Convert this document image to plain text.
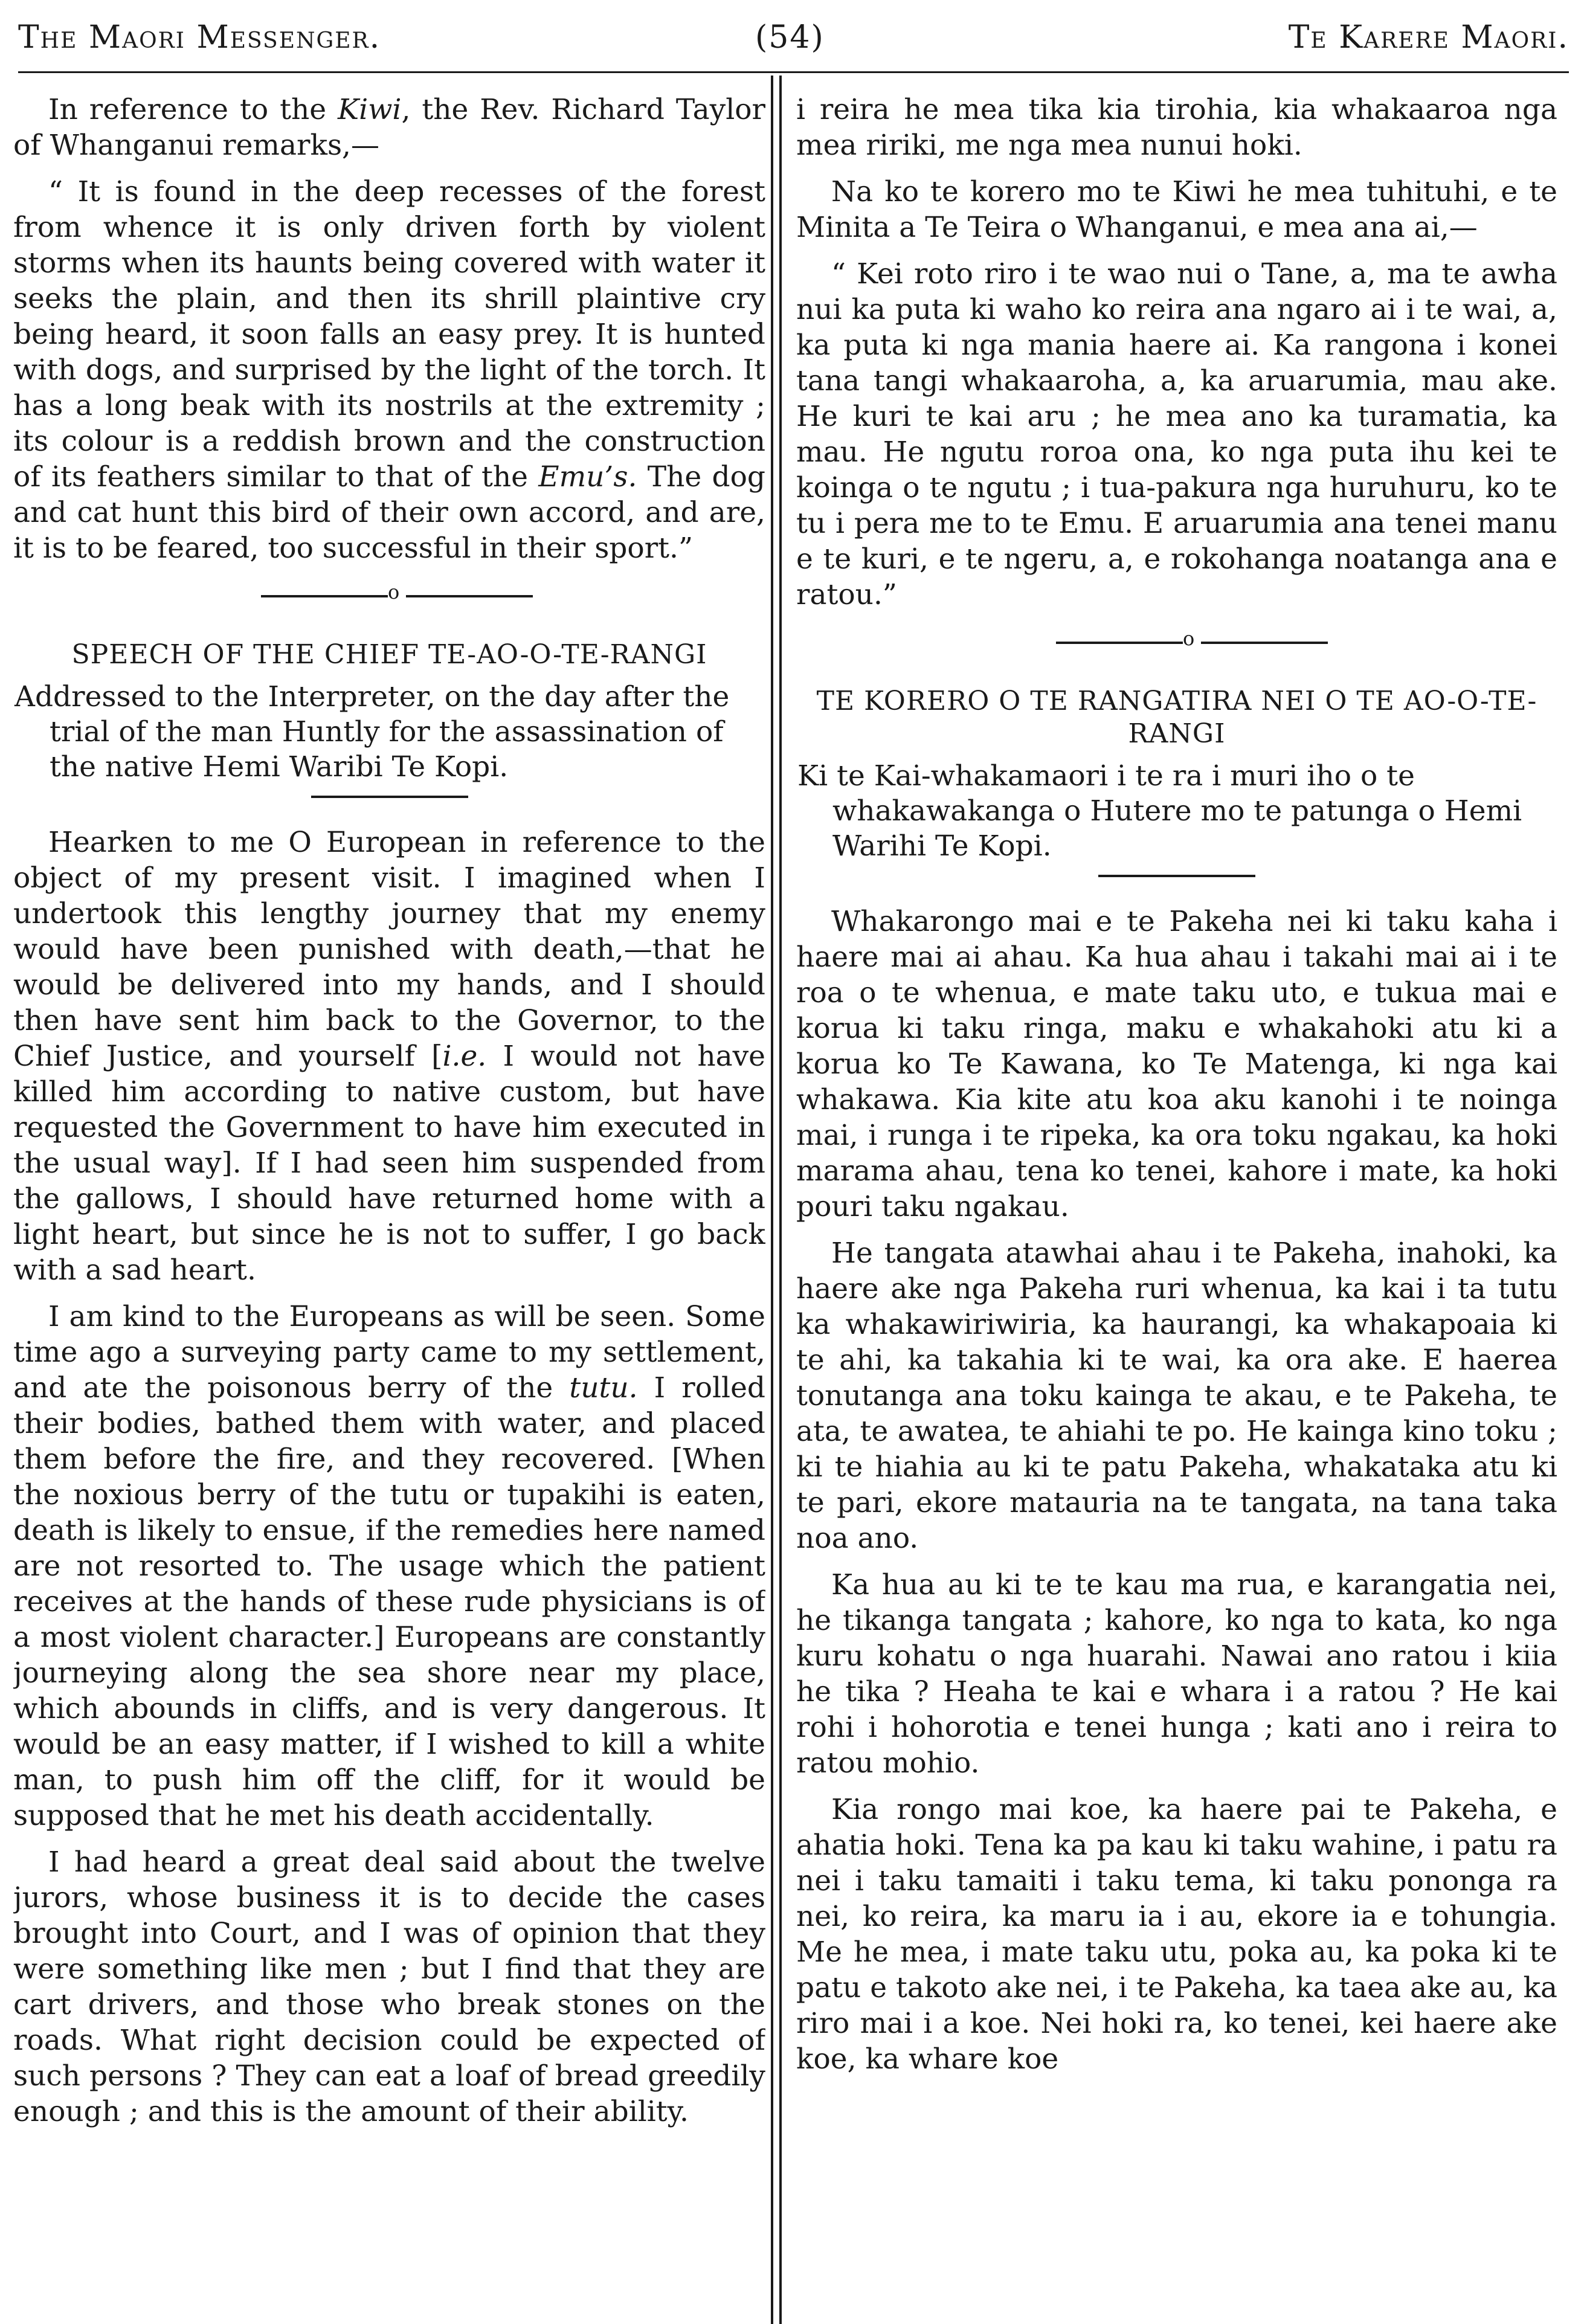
The Maori Messenger.	(54)	Te Karere Maori.

In reference to the Kiwi, the Rev. Richard Taylor of Whanganui remarks,—

“ It is found in the deep recesses of the forest from whence it is only driven forth by violent storms when its haunts being covered with water it seeks the plain, and then its shrill plaintive cry being heard, it soon falls an easy prey. It is hunted with dogs, and surprised by the light of the torch. It has a long beak with its nostrils at the extremity ; its colour is a reddish brown and the construction of its feathers similar to that of the Emu’s. The dog and cat hunt this bird of their own accord, and are, it is to be feared, too successful in their sport.”

o
SPEECH OF THE CHIEF TE-AO-O-TE-RANGI

Addressed to the Interpreter, on the day after the trial of the man Huntly for the assassination of the native Hemi Waribi Te Kopi.

Hearken to me O European in reference to the object of my present visit. I imagined when I undertook this lengthy journey that my enemy would have been punished with death,—that he would be delivered into my hands, and I should then have sent him back to the Governor, to the Chief Justice, and yourself [i.e. I would not have killed him according to native custom, but have requested the Government to have him executed in the usual way]. If I had seen him suspended from the gallows, I should have returned home with a light heart, but since he is not to suffer, I go back with a sad heart.

I am kind to the Europeans as will be seen. Some time ago a surveying party came to my settlement, and ate the poisonous berry of the tutu. I rolled their bodies, bathed them with water, and placed them before the fire, and they recovered. [When the noxious berry of the tutu or tupakihi is eaten, death is likely to ensue, if the remedies here named are not resorted to. The usage which the patient receives at the hands of these rude physicians is of a most violent character.] Europeans are constantly journeying along the sea shore near my place, which abounds in cliffs, and is very dangerous. It would be an easy matter, if I wished to kill a white man, to push him off the cliff, for it would be supposed that he met his death accidentally.

I had heard a great deal said about the twelve jurors, whose business it is to decide the cases brought into Court, and I was of opinion that they were something like men ; but I find that they are cart drivers, and those who break stones on the roads. What right decision could be expected of such persons ? They can eat a loaf of bread greedily enough ; and this is the amount of their ability.

i reira he mea tika kia tirohia, kia whakaaroa nga mea ririki, me nga mea nunui hoki.

Na ko te korero mo te Kiwi he mea tuhituhi, e te Minita a Te Teira o Whanganui, e mea ana ai,—

“ Kei roto riro i te wao nui o Tane, a, ma te awha nui ka puta ki waho ko reira ana ngaro ai i te wai, a, ka puta ki nga mania haere ai. Ka rangona i konei tana tangi whakaaroha, a, ka aruarumia, mau ake. He kuri te kai aru ; he mea ano ka turamatia, ka mau. He ngutu roroa ona, ko nga puta ihu kei te koinga o te ngutu ; i tua-pakura nga huruhuru, ko te tu i pera me to te Emu. E aruarumia ana tenei manu e te kuri, e te ngeru, a, e rokohanga noatanga ana e ratou.”

o
TE KORERO O TE RANGATIRA NEI O TE AO-O-TE-RANGI

Ki te Kai-whakamaori i te ra i muri iho o te whakawakanga o Hutere mo te patunga o Hemi Warihi Te Kopi.

Whakarongo mai e te Pakeha nei ki taku kaha i haere mai ai ahau. Ka hua ahau i takahi mai ai i te roa o te whenua, e mate taku uto, e tukua mai e korua ki taku ringa, maku e whakahoki atu ki a korua ko Te Kawana, ko Te Matenga, ki nga kai whakawa. Kia kite atu koa aku kanohi i te noinga mai, i runga i te ripeka, ka ora toku ngakau, ka hoki marama ahau, tena ko tenei, kahore i mate, ka hoki pouri taku ngakau.

He tangata atawhai ahau i te Pakeha, inahoki, ka haere ake nga Pakeha ruri whenua, ka kai i ta tutu ka whakawiriwiria, ka haurangi, ka whakapoaia ki te ahi, ka takahia ki te wai, ka ora ake. E haerea tonutanga ana toku kainga te akau, e te Pakeha, te ata, te awatea, te ahiahi te po. He kainga kino toku ; ki te hiahia au ki te patu Pakeha, whakataka atu ki te pari, ekore matauria na te tangata, na tana taka noa ano.

Ka hua au ki te te kau ma rua, e karangatia nei, he tikanga tangata ; kahore, ko nga to kata, ko nga kuru kohatu o nga huarahi. Nawai ano ratou i kiia he tika ? Heaha te kai e whara i a ratou ? He kai rohi i hohorotia e tenei hunga ; kati ano i reira to ratou mohio.

Kia rongo mai koe, ka haere pai te Pakeha, e ahatia hoki. Tena ka pa kau ki taku wahine, i patu ra nei i taku tamaiti i taku tema, ki taku pononga ra nei, ko reira, ka maru ia i au, ekore ia e tohungia. Me he mea, i mate taku utu, poka au, ka poka ki te patu e takoto ake nei, i te Pakeha, ka taea ake au, ka riro mai i a koe. Nei hoki ra, ko tenei, kei haere ake koe, ka whare koe
